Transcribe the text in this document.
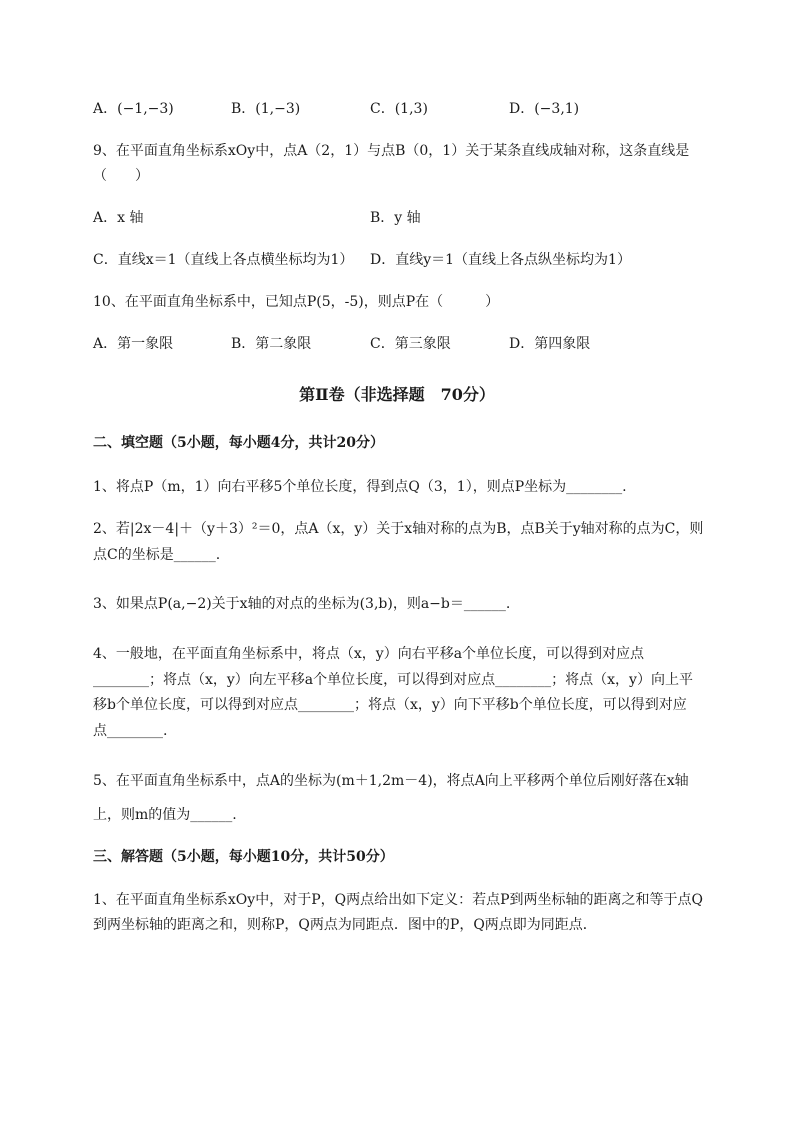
A．(−1,−3)	B．(1,−3)	C．(1,3)	D．(−3,1)
9、在平面直角坐标系xOy中，点A（2，1）与点B（0，1）关于某条直线成轴对称，这条直线是
（　　）
A．x 轴	B．y 轴
C．直线x＝1（直线上各点横坐标均为1） D．直线y＝1（直线上各点纵坐标均为1）
10、在平面直角坐标系中，已知点P(5，-5)，则点P在（　　　）
A．第一象限	B．第二象限	C．第三象限	D．第四象限
第Ⅱ卷（非选择题　70分）
二、填空题（5小题，每小题4分，共计20分）
1、将点P（m，1）向右平移5个单位长度，得到点Q（3，1），则点P坐标为________.
2、若|2x－4|＋（y＋3）²＝0，点A（x，y）关于x轴对称的点为B，点B关于y轴对称的点为C，则
点C的坐标是______.
3、如果点P(a,−2)关于x轴的对点的坐标为(3,b)，则a−b＝______.
4、一般地，在平面直角坐标系中，将点（x，y）向右平移a个单位长度，可以得到对应点
________；将点（x，y）向左平移a个单位长度，可以得到对应点________；将点（x，y）向上平
移b个单位长度，可以得到对应点________；将点（x，y）向下平移b个单位长度，可以得到对应
点________.
5、在平面直角坐标系中，点A的坐标为(m＋1,2m－4)，将点A向上平移两个单位后刚好落在x轴
上，则m的值为______.
三、解答题（5小题，每小题10分，共计50分）
1、在平面直角坐标系xOy中，对于P，Q两点给出如下定义：若点P到两坐标轴的距离之和等于点Q
到两坐标轴的距离之和，则称P，Q两点为同距点．图中的P，Q两点即为同距点．
